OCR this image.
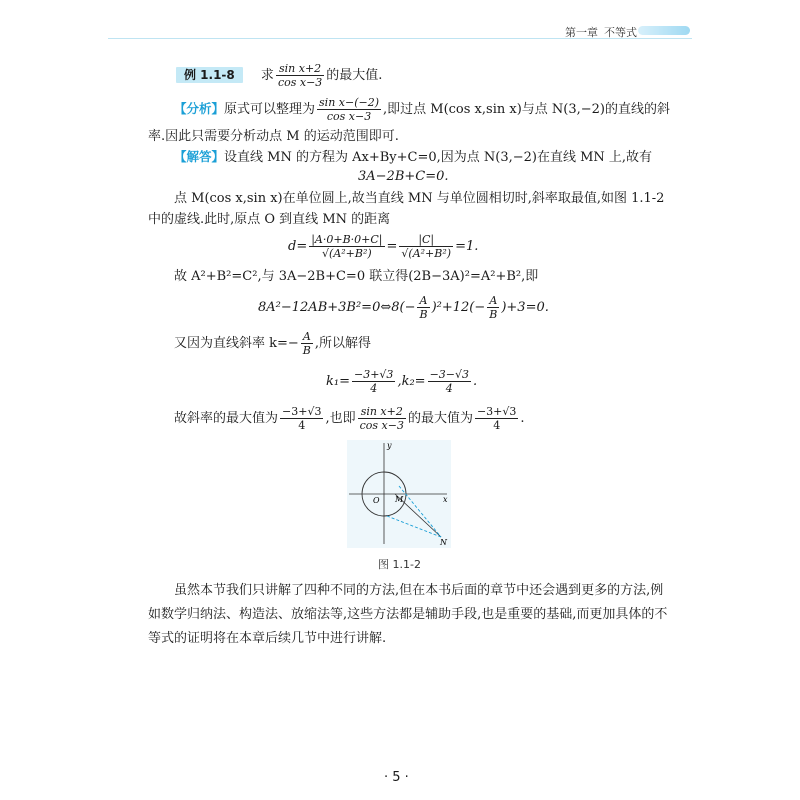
第一章 不等式
例 1.1-8 求 $\frac{\text{sin x+2}}{\text{cos x−3}}$ 的最大值.
【分析】原式可以整理为 $\frac{\text{sin x−(−2)}}{\text{cos x−3}}$ ,即过点 M(cos x,sin x)与点 N(3,−2)的直线的斜
率.因此只需要分析动点 M 的运动范围即可.
【解答】设直线 MN 的方程为 Ax+By+C=0,因为点 N(3,−2)在直线 MN 上,故有
3A−2B+C=0.
点 M(cos x,sin x)在单位圆上,故当直线 MN 与单位圆相切时,斜率取最值,如图 1.1-2
中的虚线.此时,原点 O 到直线 MN 的距离
$d= \frac{|A\cdot 0+B\cdot 0+C|}{\text{√(A²+B²)}} = \frac{|C|}{\text{√(A²+B²)}} =1$.
故 A²+B²=C²,与 3A−2B+C=0 联立得(2B−3A)²=A²+B²,即
8A²−12AB+3B²=0⇔8(− $\frac{A}{B} )^2+12(- \frac{A}{B} )+3=0$.
又因为直线斜率 $k=- \frac{A}{B}$ ,所以解得
$k_1= \frac{-3+√3}{4} ,k_2= \frac{-3-√3}{4}$ .
故斜率的最大值为 $\frac{-3+√3}{4}$ ,也即 $\frac{\text{sin x+2}}{\text{cos x−3}}$ 的最大值为 $\frac{-3+√3}{4}$ .
y
x
O M
N
图 1.1-2
虽然本节我们只讲解了四种不同的方法,但在本书后面的章节中还会遇到更多的方法,例
如数学归纳法、构造法、放缩法等,这些方法都是辅助手段,也是重要的基础,而更加具体的不
等式的证明将在本章后续几节中进行讲解.
· 5 ·
